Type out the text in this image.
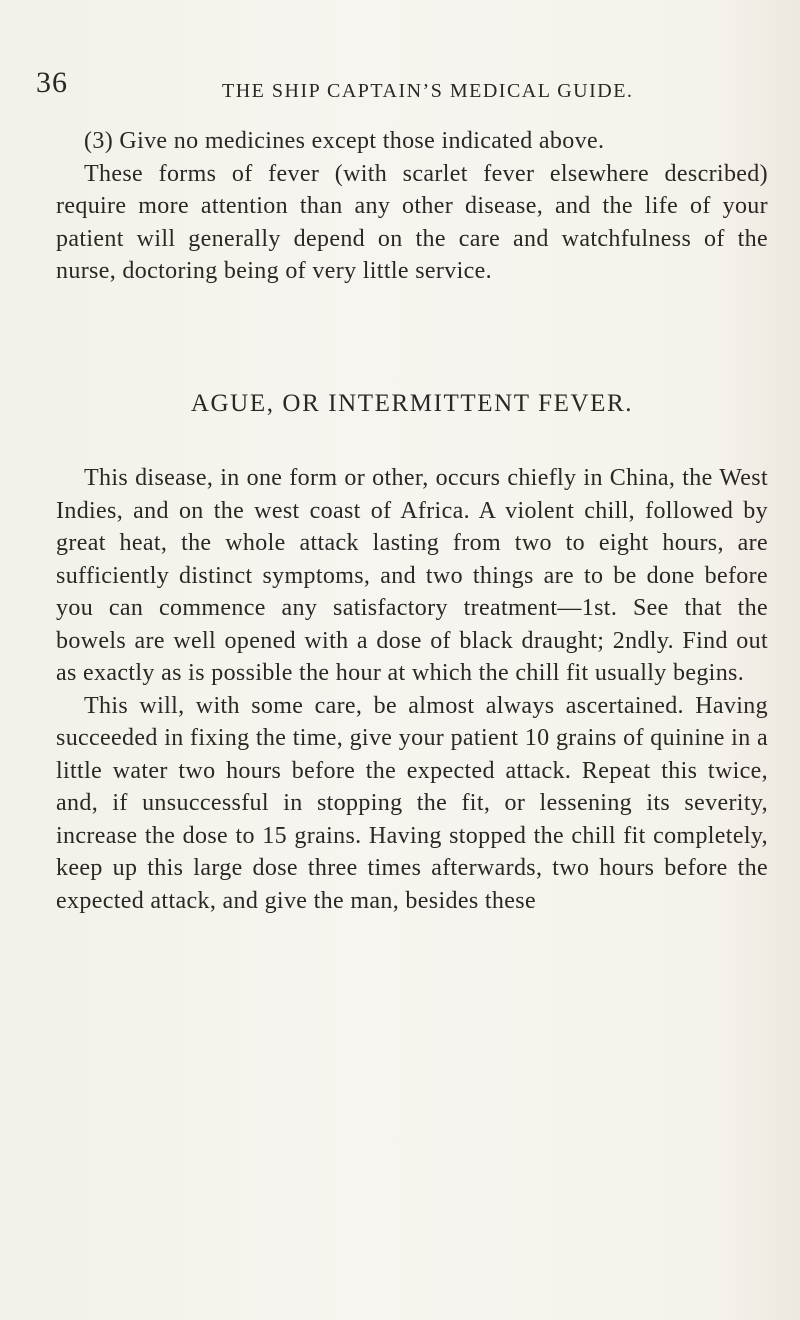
36	THE SHIP CAPTAIN’S MEDICAL GUIDE.

(3) Give no medicines except those indicated above.

These forms of fever (with scarlet fever elsewhere described) require more attention than any other disease, and the life of your patient will generally depend on the care and watchfulness of the nurse, doctoring being of very little service.

AGUE, OR INTERMITTENT FEVER.

This disease, in one form or other, occurs chiefly in China, the West Indies, and on the west coast of Africa. A violent chill, followed by great heat, the whole attack lasting from two to eight hours, are sufficiently distinct symptoms, and two things are to be done before you can commence any satisfactory treatment—1st. See that the bowels are well opened with a dose of black draught; 2ndly. Find out as exactly as is possible the hour at which the chill fit usually begins.

This will, with some care, be almost always ascertained. Having succeeded in fixing the time, give your patient 10 grains of quinine in a little water two hours before the expected attack. Repeat this twice, and, if unsuccessful in stopping the fit, or lessening its severity, increase the dose to 15 grains. Having stopped the chill fit completely, keep up this large dose three times afterwards, two hours before the expected attack, and give the man, besides these
